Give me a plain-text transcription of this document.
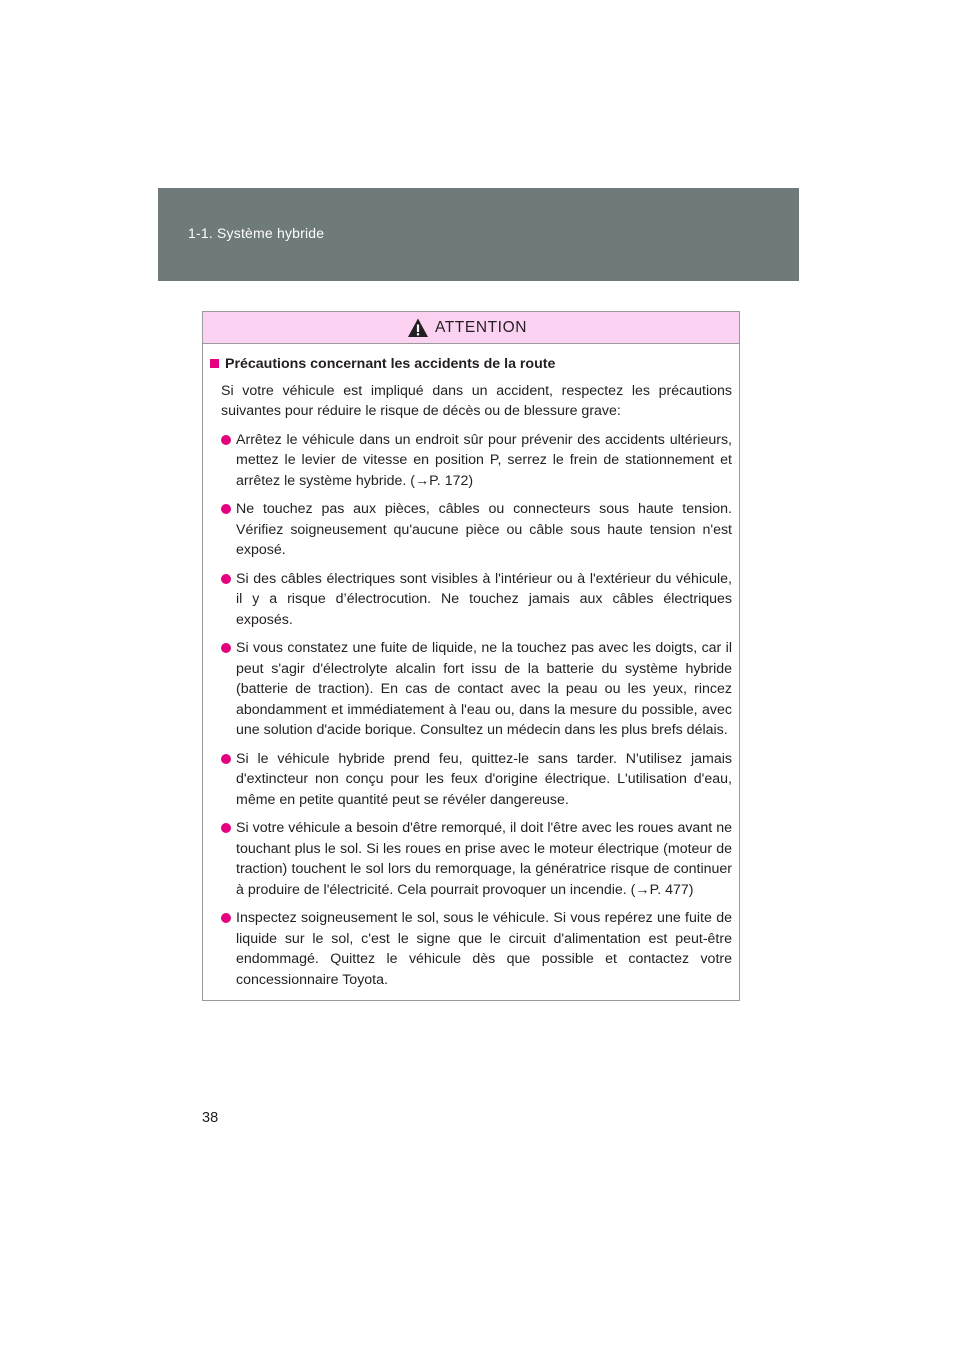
1-1. Système hybride
ATTENTION
Précautions concernant les accidents de la route
Si votre véhicule est impliqué dans un accident, respectez les précautions suivantes pour réduire le risque de décès ou de blessure grave:
Arrêtez le véhicule dans un endroit sûr pour prévenir des accidents ultérieurs, mettez le levier de vitesse en position P, serrez le frein de stationnement et arrêtez le système hybride. (→P. 172)
Ne touchez pas aux pièces, câbles ou connecteurs sous haute tension. Vérifiez soigneusement qu'aucune pièce ou câble sous haute tension n'est exposé.
Si des câbles électriques sont visibles à l'intérieur ou à l'extérieur du véhicule, il y a risque d’électrocution. Ne touchez jamais aux câbles électriques exposés.
Si vous constatez une fuite de liquide, ne la touchez pas avec les doigts, car il peut s'agir d'électrolyte alcalin fort issu de la batterie du système hybride (batterie de traction). En cas de contact avec la peau ou les yeux, rincez abondamment et immédiatement à l'eau ou, dans la mesure du possible, avec une solution d'acide borique. Consultez un médecin dans les plus brefs délais.
Si le véhicule hybride prend feu, quittez-le sans tarder. N'utilisez jamais d'extincteur non conçu pour les feux d'origine électrique. L'utilisation d'eau, même en petite quantité peut se révéler dangereuse.
Si votre véhicule a besoin d'être remorqué, il doit l'être avec les roues avant ne touchant plus le sol. Si les roues en prise avec le moteur électrique (moteur de traction) touchent le sol lors du remorquage, la génératrice risque de continuer à produire de l'électricité. Cela pourrait provoquer un incendie. (→P. 477)
Inspectez soigneusement le sol, sous le véhicule. Si vous repérez une fuite de liquide sur le sol, c'est le signe que le circuit d'alimentation est peut-être endommagé. Quittez le véhicule dès que possible et contactez votre concessionnaire Toyota.
38
